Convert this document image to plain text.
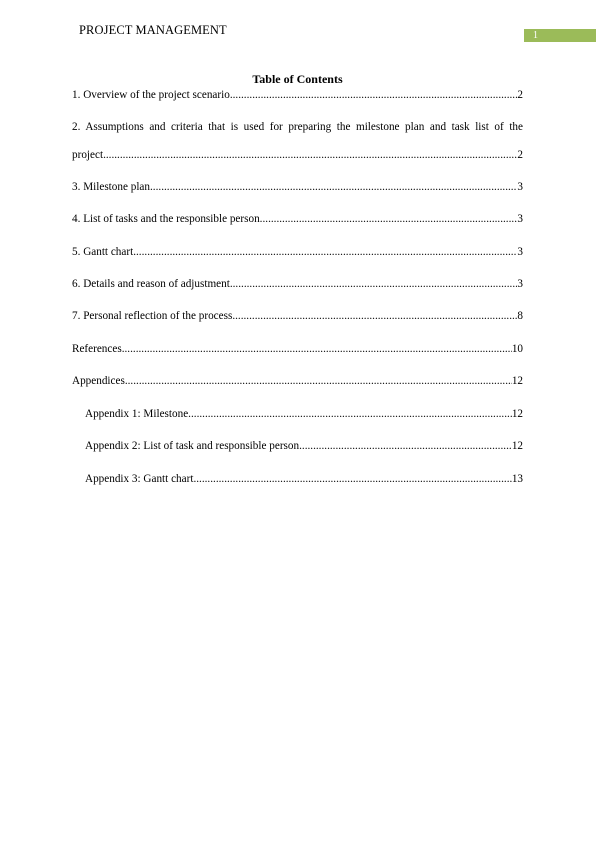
PROJECT MANAGEMENT	1
Table of Contents
1. Overview of the project scenario .....	2
2. Assumptions and criteria that is used for preparing the milestone plan and task list of the
project .....	2
3. Milestone plan .....	3
4. List of tasks and the responsible person .....	3
5. Gantt chart .....	3
6. Details and reason of adjustment .....	3
7. Personal reflection of the process .....	8
References .....	10
Appendices .....	12
Appendix 1: Milestone .....	12
Appendix 2: List of task and responsible person .....	12
Appendix 3: Gantt chart .....	13
